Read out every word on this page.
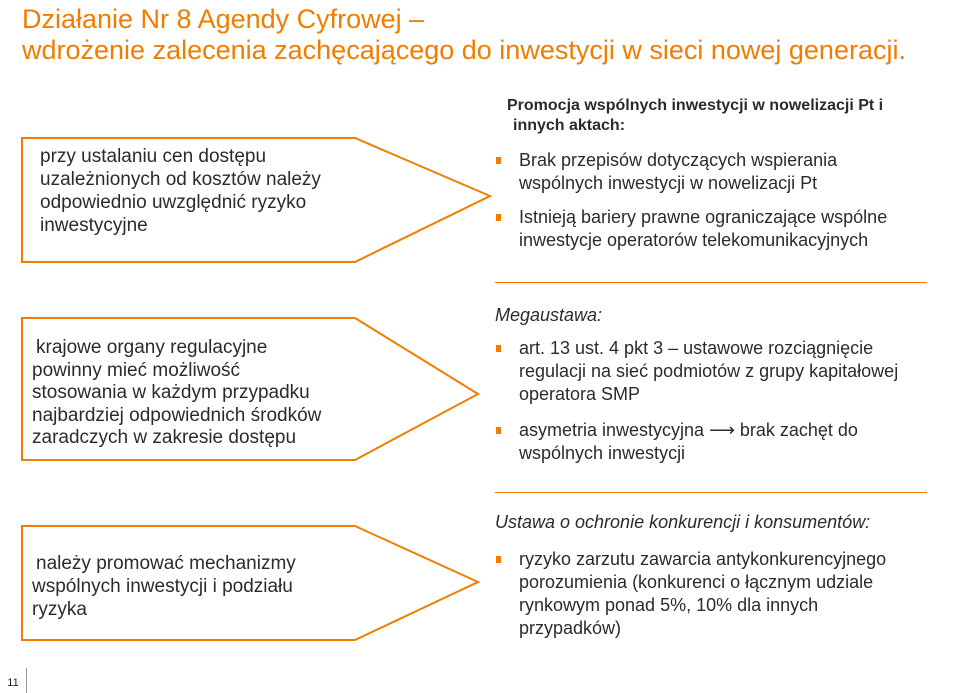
Działanie Nr 8 Agendy Cyfrowej –
wdrożenie zalecenia zachęcającego do inwestycji w sieci nowej generacji.
przy ustalaniu cen dostępu
uzależnionych od kosztów należy
odpowiednio uwzględnić ryzyko
inwestycyjne
krajowe organy regulacyjne
powinny mieć możliwość
stosowania w każdym przypadku
najbardziej odpowiednich środków
zaradczych w zakresie dostępu
należy promować mechanizmy
wspólnych inwestycji i podziału
ryzyka
Promocja wspólnych inwestycji w nowelizacji Pt i
innych aktach:
Brak przepisów dotyczących wspierania
wspólnych inwestycji w nowelizacji Pt
Istnieją bariery prawne ograniczające wspólne
inwestycje operatorów telekomunikacyjnych
Megaustawa:
art. 13 ust. 4 pkt 3 – ustawowe rozciągnięcie
regulacji na sieć podmiotów z grupy kapitałowej
operatora SMP
asymetria inwestycyjna ⟶ brak zachęt do
wspólnych inwestycji
Ustawa o ochronie konkurencji i konsumentów:
ryzyko zarzutu zawarcia antykonkurencyjnego
porozumienia (konkurenci o łącznym udziale
rynkowym ponad 5%, 10% dla innych
przypadków)
11
